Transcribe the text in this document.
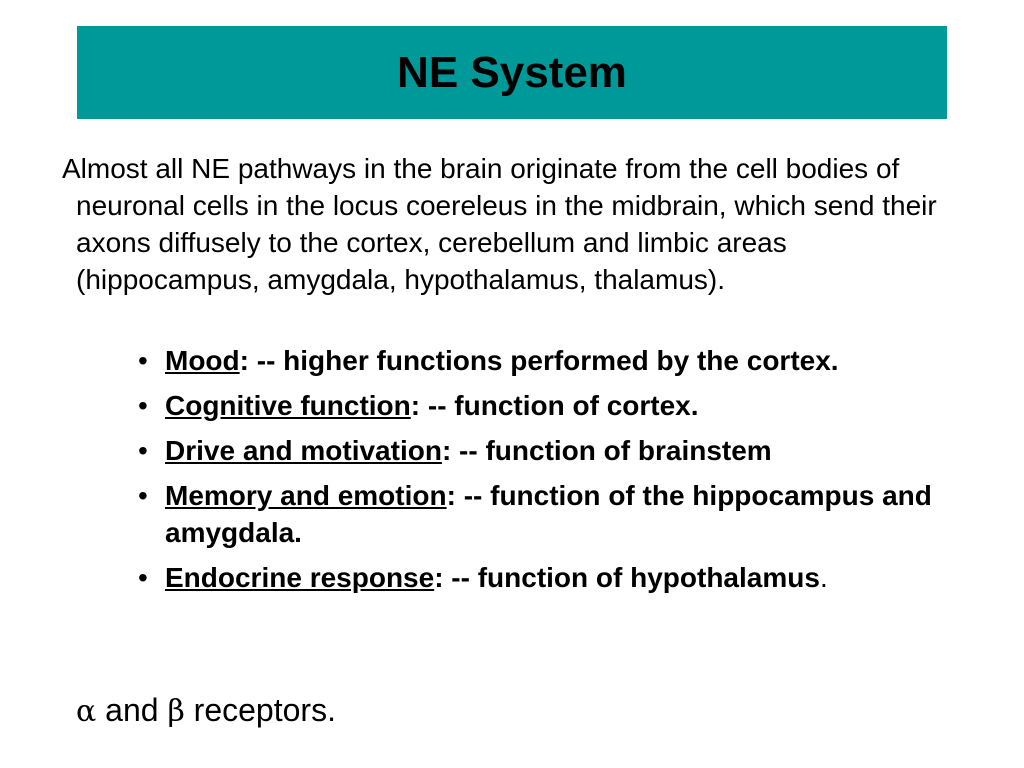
NE System

Almost all NE pathways in the brain originate from the cell bodies of neuronal cells in the locus coereleus in the midbrain, which send their axons diffusely to the cortex, cerebellum and limbic areas (hippocampus, amygdala, hypothalamus, thalamus).

• Mood: -- higher functions performed by the cortex.
• Cognitive function: -- function of cortex.
• Drive and motivation: -- function of brainstem
• Memory and emotion: -- function of the hippocampus and amygdala.
• Endocrine response: -- function of hypothalamus.

α and β receptors.
